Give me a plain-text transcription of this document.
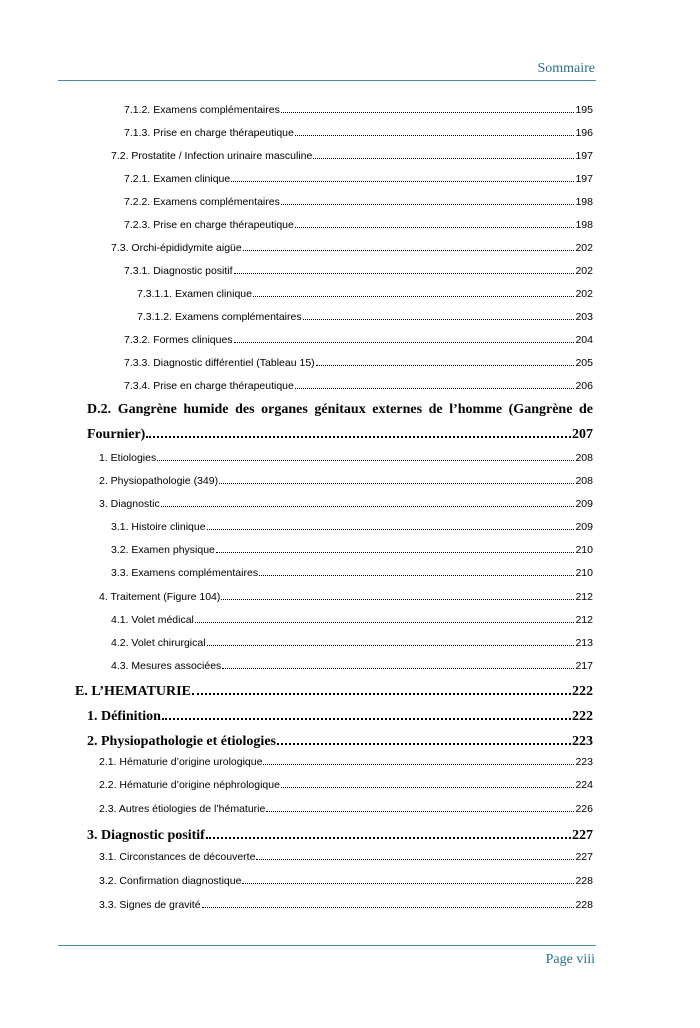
Sommaire
7.1.2. Examens complémentaires	195
7.1.3. Prise en charge thérapeutique	196
7.2. Prostatite / Infection urinaire masculine	197
7.2.1. Examen clinique	197
7.2.2. Examens complémentaires	198
7.2.3. Prise en charge thérapeutique	198
7.3. Orchi-épididymite aigüe	202
7.3.1. Diagnostic positif	202
7.3.1.1. Examen clinique	202
7.3.1.2. Examens complémentaires	203
7.3.2. Formes cliniques	204
7.3.3. Diagnostic différentiel (Tableau 15)	205
7.3.4. Prise en charge thérapeutique	206
D.2. Gangrène humide des organes génitaux externes de l’homme (Gangrène de
Fournier)	207
1. Etiologies	208
2. Physiopathologie (349)	208
3. Diagnostic	209
3.1. Histoire clinique	209
3.2. Examen physique	210
3.3. Examens complémentaires	210
4. Traitement (Figure 104)	212
4.1. Volet médical	212
4.2. Volet chirurgical	213
4.3. Mesures associées	217
E. L’HEMATURIE	222
1. Définition	222
2. Physiopathologie et étiologies	223
2.1. Hématurie d’origine urologique	223
2.2. Hématurie d’origine néphrologique	224
2.3. Autres étiologies de l’hématurie	226
3. Diagnostic positif	227
3.1. Circonstances de découverte	227
3.2. Confirmation diagnostique	228
3.3. Signes de gravité	228
Page viii
